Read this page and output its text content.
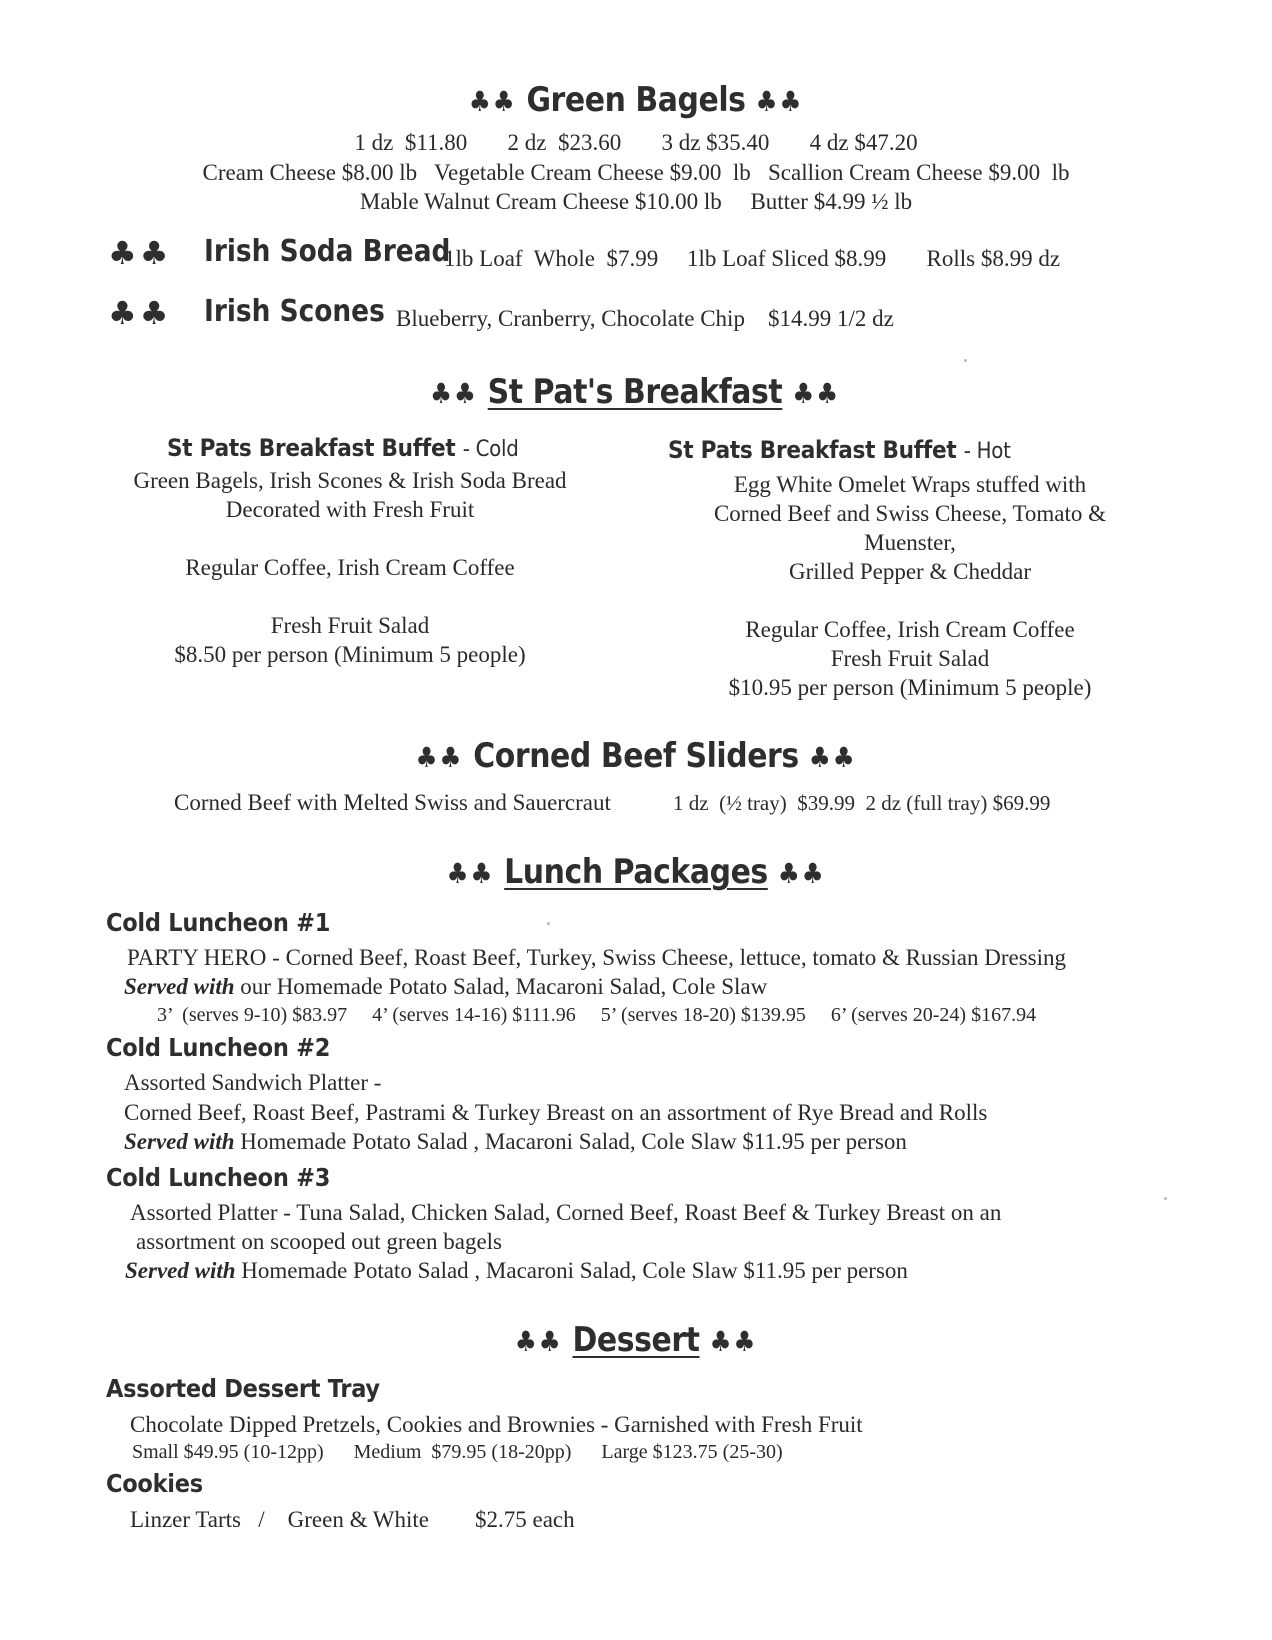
♣♣ Green Bagels ♣♣
1 dz  $11.80       2 dz  $23.60       3 dz $35.40       4 dz $47.20
Cream Cheese $8.00 lb   Vegetable Cream Cheese $9.00  lb   Scallion Cream Cheese $9.00  lb
Mable Walnut Cream Cheese $10.00 lb     Butter $4.99 ½ lb
♣♣ Irish Soda Bread
1lb Loaf  Whole  $7.99     1lb Loaf Sliced $8.99       Rolls $8.99 dz
♣♣ Irish Scones Blueberry, Cranberry, Chocolate Chip    $14.99 1/2 dz
♣♣ St Pat's Breakfast ♣♣
St Pats Breakfast Buffet - Cold
Green Bagels, Irish Scones & Irish Soda Bread
Decorated with Fresh Fruit
Regular Coffee, Irish Cream Coffee
Fresh Fruit Salad
$8.50 per person (Minimum 5 people)
St Pats Breakfast Buffet - Hot
Egg White Omelet Wraps stuffed with
Corned Beef and Swiss Cheese, Tomato &
Muenster,
Grilled Pepper & Cheddar
Regular Coffee, Irish Cream Coffee
Fresh Fruit Salad
$10.95 per person (Minimum 5 people)
♣♣ Corned Beef Sliders ♣♣
Corned Beef with Melted Swiss and Sauercraut	1 dz  (½ tray)  $39.99  2 dz (full tray) $69.99
♣♣ Lunch Packages ♣♣
Cold Luncheon #1
PARTY HERO - Corned Beef, Roast Beef, Turkey, Swiss Cheese, lettuce, tomato & Russian Dressing
Served with our Homemade Potato Salad, Macaroni Salad, Cole Slaw
3’  (serves 9-10) $83.97     4’ (serves 14-16) $111.96     5’ (serves 18-20) $139.95     6’ (serves 20-24) $167.94
Cold Luncheon #2
Assorted Sandwich Platter -
Corned Beef, Roast Beef, Pastrami & Turkey Breast on an assortment of Rye Bread and Rolls
Served with Homemade Potato Salad , Macaroni Salad, Cole Slaw $11.95 per person
Cold Luncheon #3
Assorted Platter - Tuna Salad, Chicken Salad, Corned Beef, Roast Beef & Turkey Breast on an
assortment on scooped out green bagels
Served with Homemade Potato Salad , Macaroni Salad, Cole Slaw $11.95 per person
♣♣ Dessert ♣♣
Assorted Dessert Tray
Chocolate Dipped Pretzels, Cookies and Brownies - Garnished with Fresh Fruit
Small $49.95 (10-12pp)      Medium  $79.95 (18-20pp)      Large $123.75 (25-30)
Cookies
Linzer Tarts   /    Green & White        $2.75 each
